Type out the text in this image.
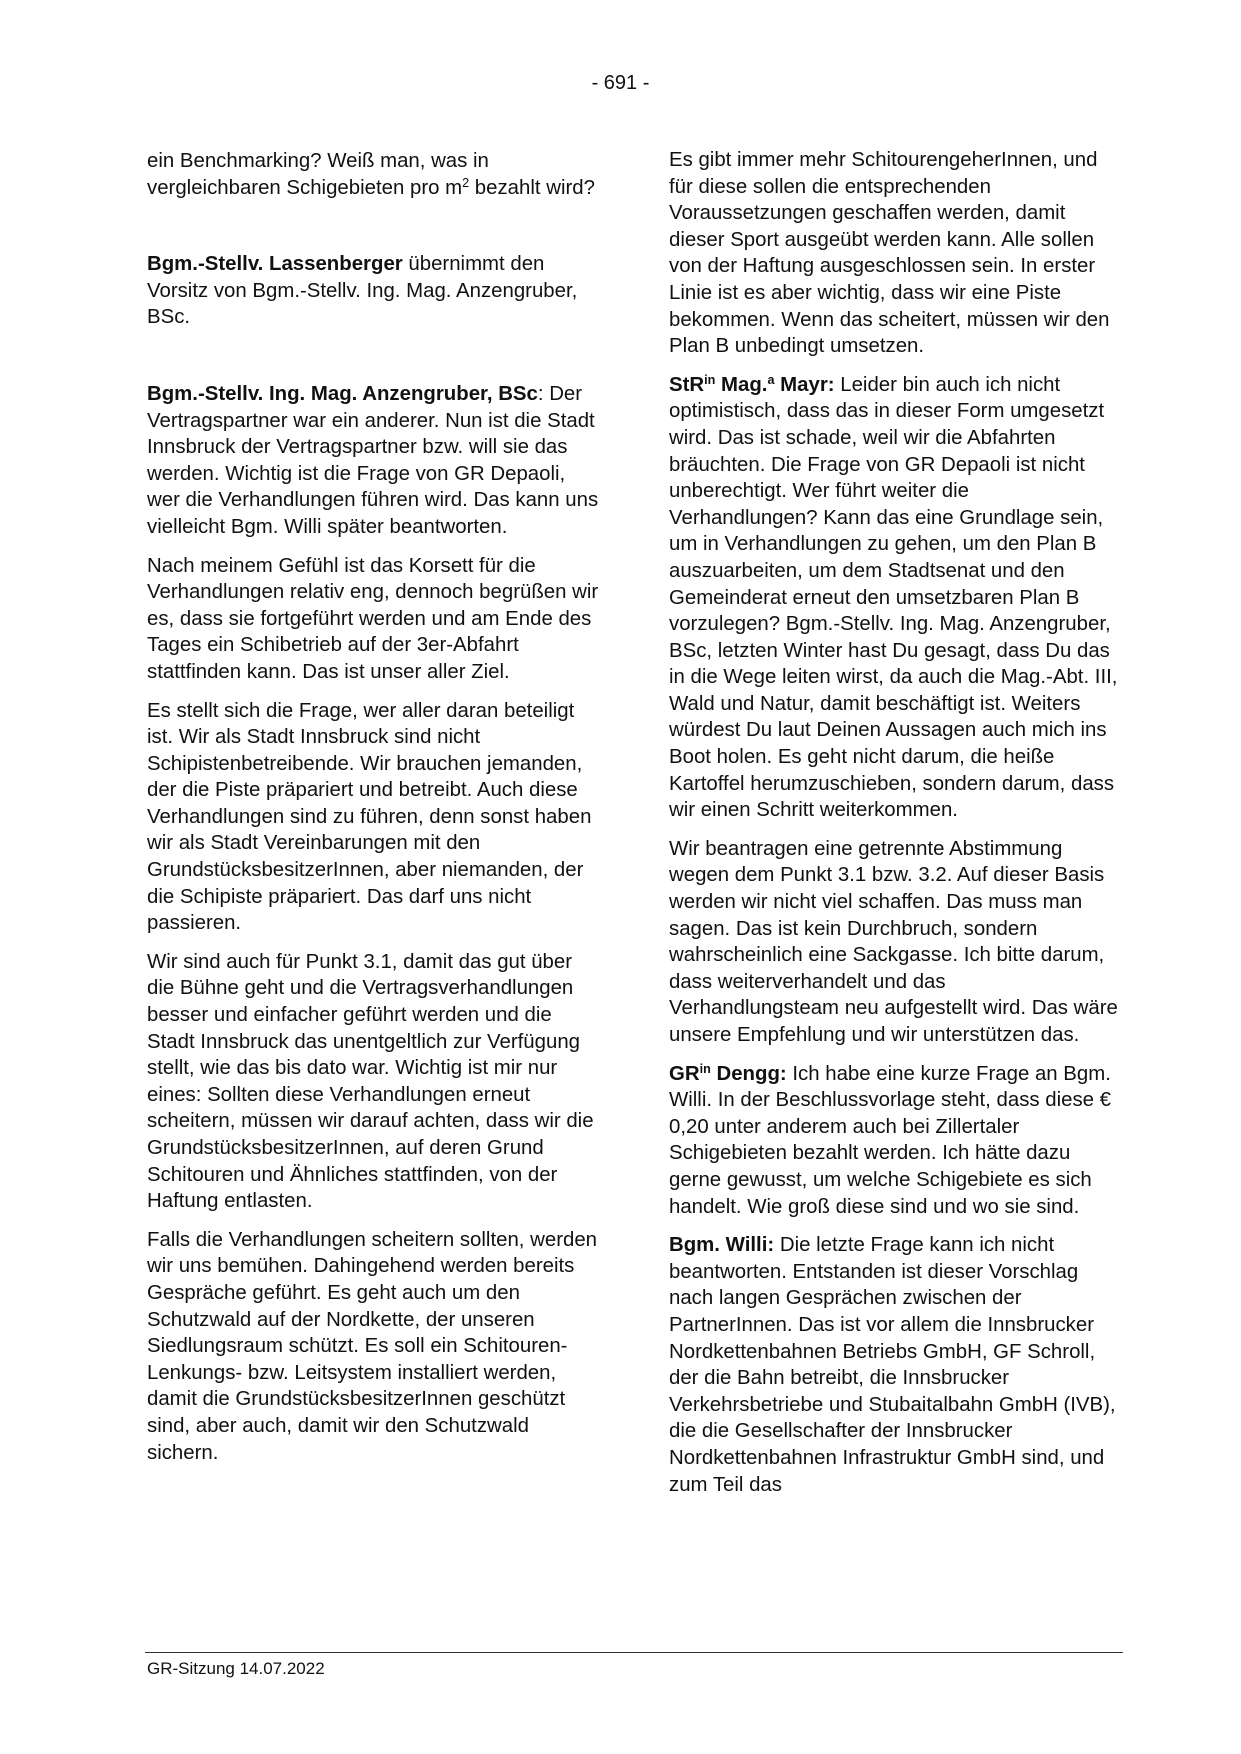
- 691 -

ein Benchmarking? Weiß man, was in vergleichbaren Schigebieten pro $m^2$ bezahlt wird?

Bgm.-Stellv. Lassenberger übernimmt den Vorsitz von Bgm.-Stellv. Ing. Mag. Anzengruber, BSc.

Bgm.-Stellv. Ing. Mag. Anzengruber, BSc: Der Vertragspartner war ein anderer. Nun ist die Stadt Innsbruck der Vertragspartner bzw. will sie das werden. Wichtig ist die Frage von GR Depaoli, wer die Verhandlungen führen wird. Das kann uns vielleicht Bgm. Willi später beantworten.

Nach meinem Gefühl ist das Korsett für die Verhandlungen relativ eng, dennoch begrüßen wir es, dass sie fortgeführt werden und am Ende des Tages ein Schibetrieb auf der 3er-Abfahrt stattfinden kann. Das ist unser aller Ziel.

Es stellt sich die Frage, wer aller daran beteiligt ist. Wir als Stadt Innsbruck sind nicht Schipistenbetreibende. Wir brauchen jemanden, der die Piste präpariert und betreibt. Auch diese Verhandlungen sind zu führen, denn sonst haben wir als Stadt Vereinbarungen mit den GrundstücksbesitzerInnen, aber niemanden, der die Schipiste präpariert. Das darf uns nicht passieren.

Wir sind auch für Punkt 3.1, damit das gut über die Bühne geht und die Vertragsverhandlungen besser und einfacher geführt werden und die Stadt Innsbruck das unentgeltlich zur Verfügung stellt, wie das bis dato war. Wichtig ist mir nur eines: Sollten diese Verhandlungen erneut scheitern, müssen wir darauf achten, dass wir die GrundstücksbesitzerInnen, auf deren Grund Schitouren und Ähnliches stattfinden, von der Haftung entlasten.

Falls die Verhandlungen scheitern sollten, werden wir uns bemühen. Dahingehend werden bereits Gespräche geführt. Es geht auch um den Schutzwald auf der Nordkette, der unseren Siedlungsraum schützt. Es soll ein Schitouren-Lenkungs- bzw. Leitsystem installiert werden, damit die GrundstücksbesitzerInnen geschützt sind, aber auch, damit wir den Schutzwald sichern.

Es gibt immer mehr SchitourengeherInnen, und für diese sollen die entsprechenden Voraussetzungen geschaffen werden, damit dieser Sport ausgeübt werden kann. Alle sollen von der Haftung ausgeschlossen sein. In erster Linie ist es aber wichtig, dass wir eine Piste bekommen. Wenn das scheitert, müssen wir den Plan B unbedingt umsetzen.

StR$^{in}$ Mag.$^a$ Mayr: Leider bin auch ich nicht optimistisch, dass das in dieser Form umgesetzt wird. Das ist schade, weil wir die Abfahrten bräuchten. Die Frage von GR Depaoli ist nicht unberechtigt. Wer führt weiter die Verhandlungen? Kann das eine Grundlage sein, um in Verhandlungen zu gehen, um den Plan B auszuarbeiten, um dem Stadtsenat und den Gemeinderat erneut den umsetzbaren Plan B vorzulegen? Bgm.-Stellv. Ing. Mag. Anzengruber, BSc, letzten Winter hast Du gesagt, dass Du das in die Wege leiten wirst, da auch die Mag.-Abt. III, Wald und Natur, damit beschäftigt ist. Weiters würdest Du laut Deinen Aussagen auch mich ins Boot holen. Es geht nicht darum, die heiße Kartoffel herumzuschieben, sondern darum, dass wir einen Schritt weiterkommen.

Wir beantragen eine getrennte Abstimmung wegen dem Punkt 3.1 bzw. 3.2. Auf dieser Basis werden wir nicht viel schaffen. Das muss man sagen. Das ist kein Durchbruch, sondern wahrscheinlich eine Sackgasse. Ich bitte darum, dass weiterverhandelt und das Verhandlungsteam neu aufgestellt wird. Das wäre unsere Empfehlung und wir unterstützen das.

$GR^{in}$ Dengg: Ich habe eine kurze Frage an Bgm. Willi. In der Beschlussvorlage steht, dass diese € 0,20 unter anderem auch bei Zillertaler Schigebieten bezahlt werden. Ich hätte dazu gerne gewusst, um welche Schigebiete es sich handelt. Wie groß diese sind und wo sie sind.

Bgm. Willi: Die letzte Frage kann ich nicht beantworten. Entstanden ist dieser Vorschlag nach langen Gesprächen zwischen der PartnerInnen. Das ist vor allem die Innsbrucker Nordkettenbahnen Betriebs GmbH, GF Schroll, der die Bahn betreibt, die Innsbrucker Verkehrsbetriebe und Stubaitalbahn GmbH (IVB), die die Gesellschafter der Innsbrucker Nordkettenbahnen Infrastruktur GmbH sind, und zum Teil das

GR-Sitzung 14.07.2022
